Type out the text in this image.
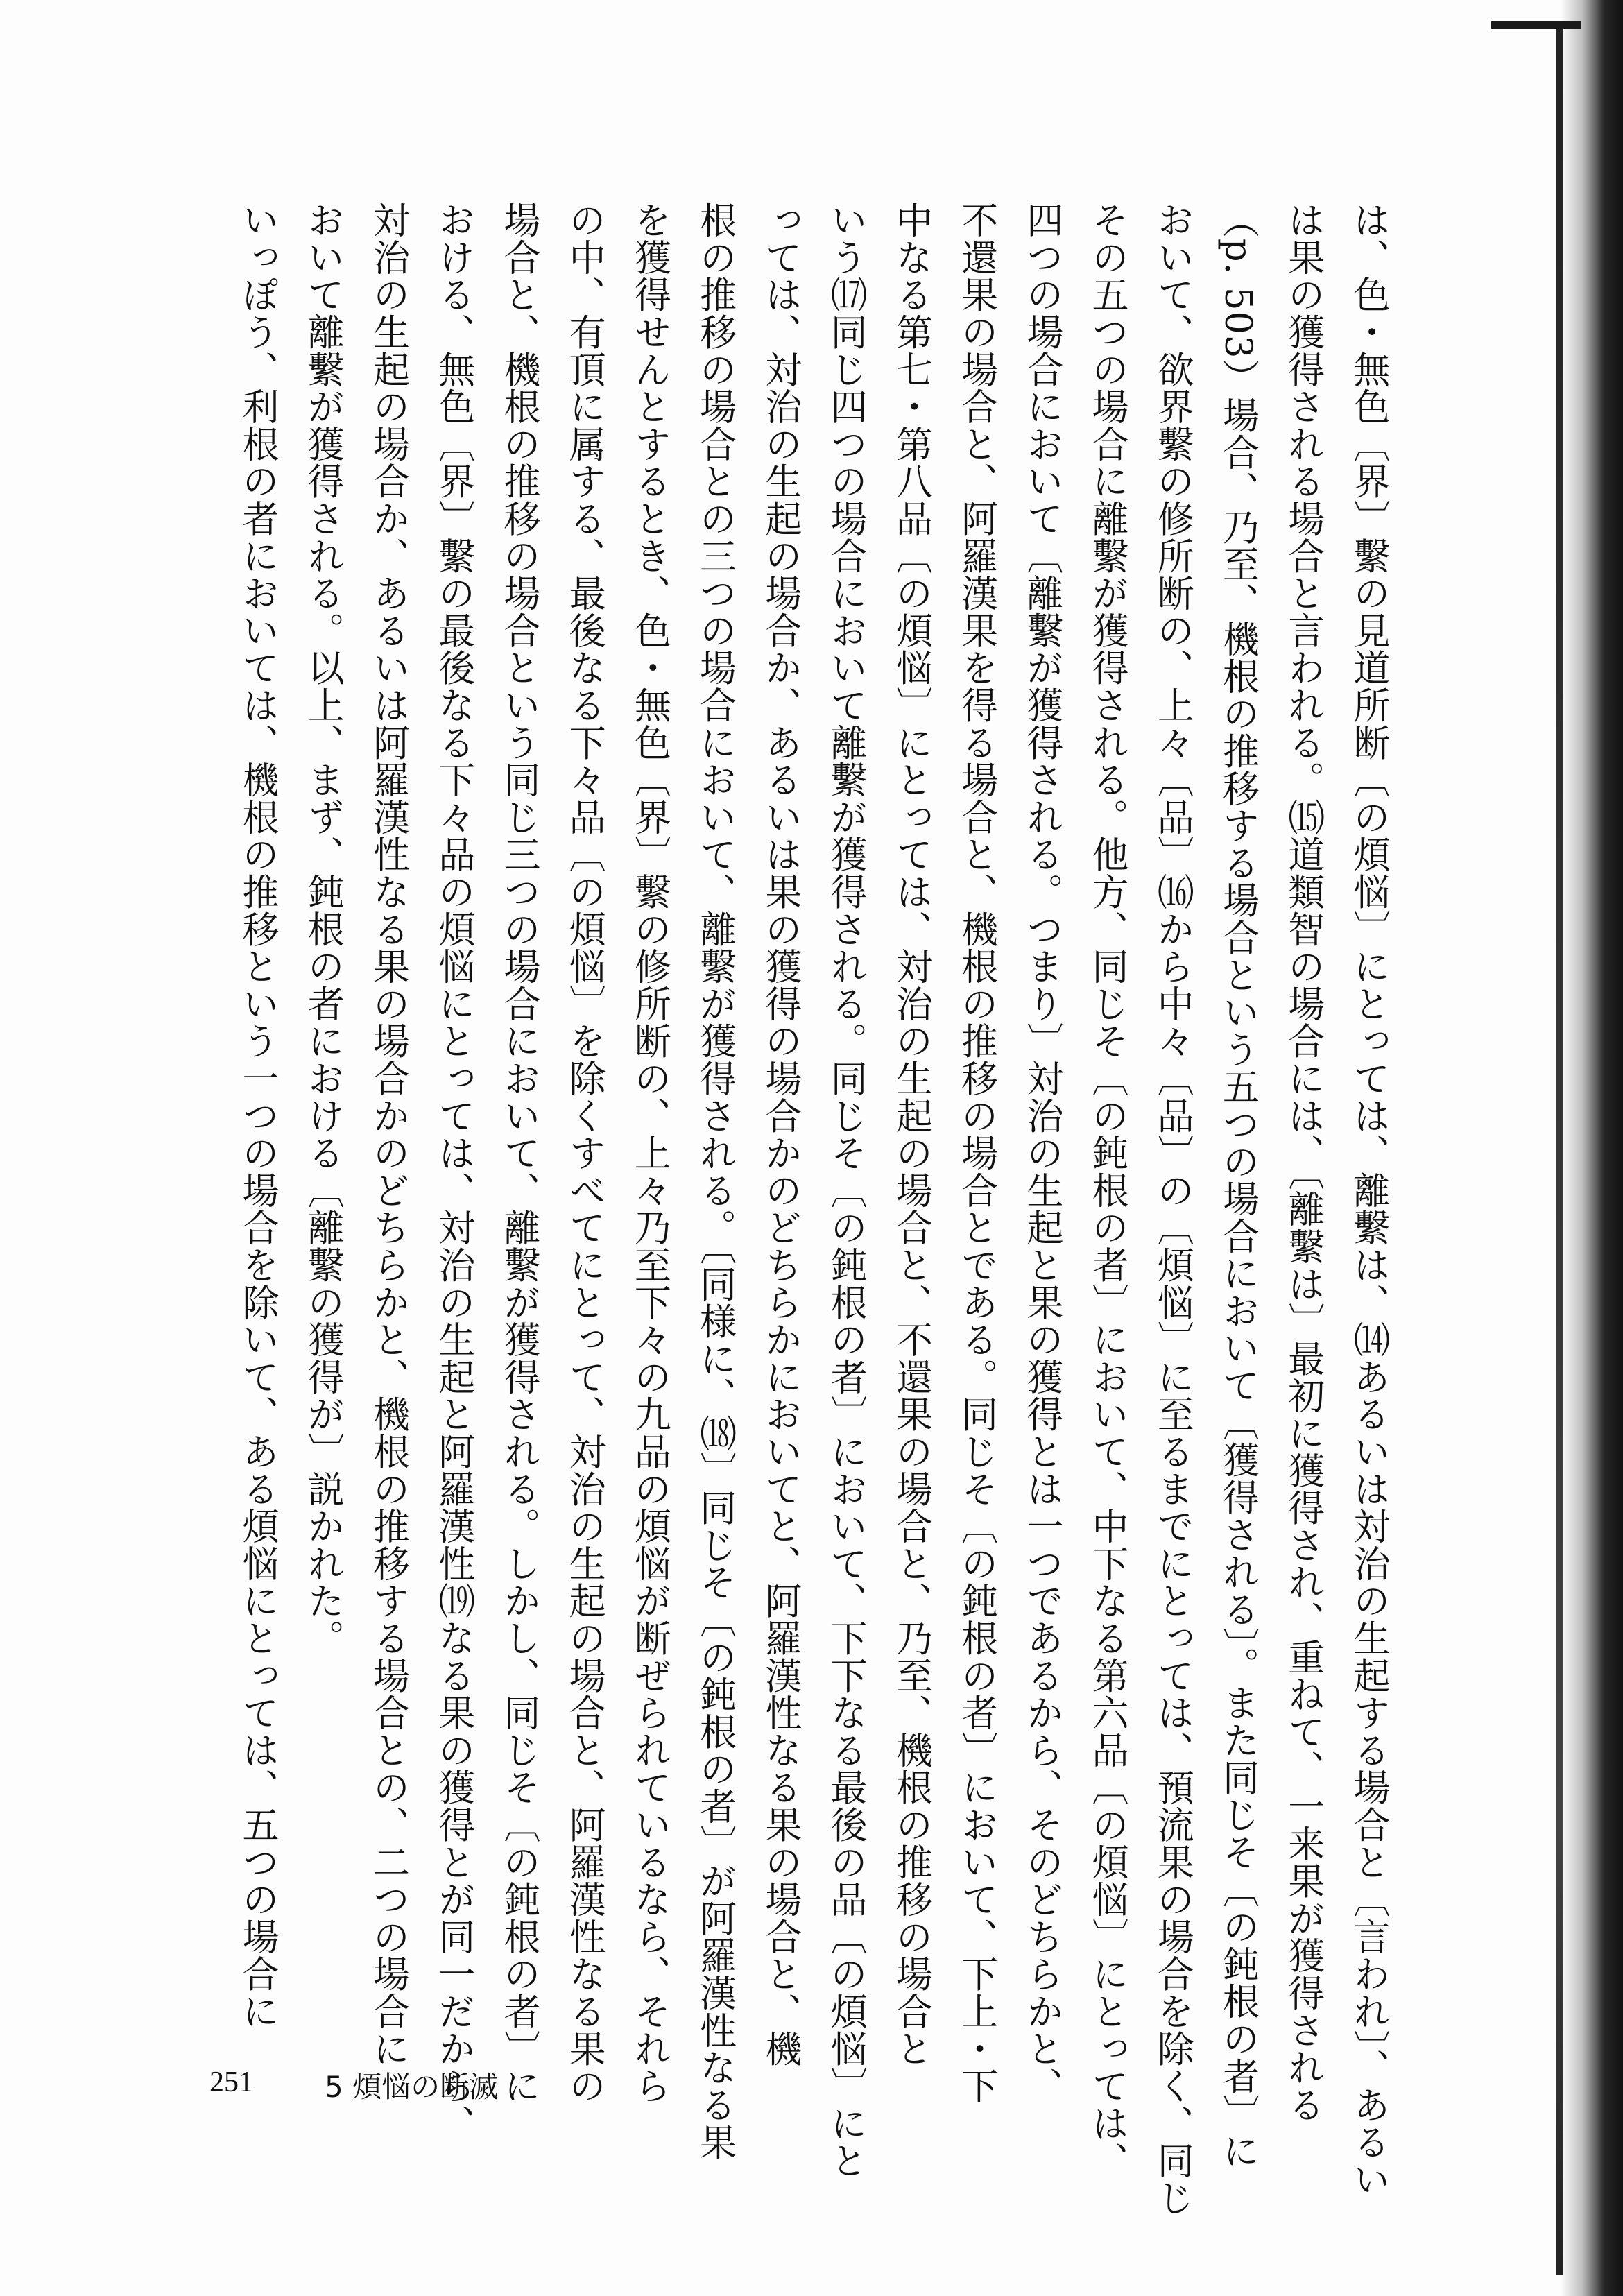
は、色・無色〔界〕繫の見道所断〔の煩悩〕にとっては、離繫は、⒁あるいは対治の生起する場合と〔言われ〕、あるい
は果の獲得される場合と言われる。⒂道類智の場合には、〔離繫は〕最初に獲得され、重ねて、一来果が獲得される
（p. 503）場合、乃至、機根の推移する場合という五つの場合において〔獲得される〕。また同じそ〔の鈍根の者〕に
おいて、欲界繫の修所断の、上々〔品〕⒃から中々〔品〕の〔煩悩〕に至るまでにとっては、預流果の場合を除く、同じ
その五つの場合に離繫が獲得される。他方、同じそ〔の鈍根の者〕において、中下なる第六品〔の煩悩〕にとっては、
四つの場合において〔離繫が獲得される。つまり〕対治の生起と果の獲得とは一つであるから、そのどちらかと、
不還果の場合と、阿羅漢果を得る場合と、機根の推移の場合とである。同じそ〔の鈍根の者〕において、下上・下
中なる第七・第八品〔の煩悩〕にとっては、対治の生起の場合と、不還果の場合と、乃至、機根の推移の場合と
いう⒄同じ四つの場合において離繫が獲得される。同じそ〔の鈍根の者〕において、下下なる最後の品〔の煩悩〕にと
っては、対治の生起の場合か、あるいは果の獲得の場合かのどちらかにおいてと、阿羅漢性なる果の場合と、機
根の推移の場合との三つの場合において、離繫が獲得される。〔同様に、⒅〕同じそ〔の鈍根の者〕が阿羅漢性なる果
を獲得せんとするとき、色・無色〔界〕繫の修所断の、上々乃至下々の九品の煩悩が断ぜられているなら、それら
の中、有頂に属する、最後なる下々品〔の煩悩〕を除くすべてにとって、対治の生起の場合と、阿羅漢性なる果の
場合と、機根の推移の場合という同じ三つの場合において、離繫が獲得される。しかし、同じそ〔の鈍根の者〕に
おける、無色〔界〕繫の最後なる下々品の煩悩にとっては、対治の生起と阿羅漢性⒆なる果の獲得とが同一だから、
対治の生起の場合か、あるいは阿羅漢性なる果の場合かのどちらかと、機根の推移する場合との、二つの場合に
おいて離繫が獲得される。以上、まず、鈍根の者における〔離繫の獲得が〕説かれた。
いっぽう、利根の者においては、機根の推移という一つの場合を除いて、ある煩悩にとっては、五つの場合に
251 5 煩悩の断滅
